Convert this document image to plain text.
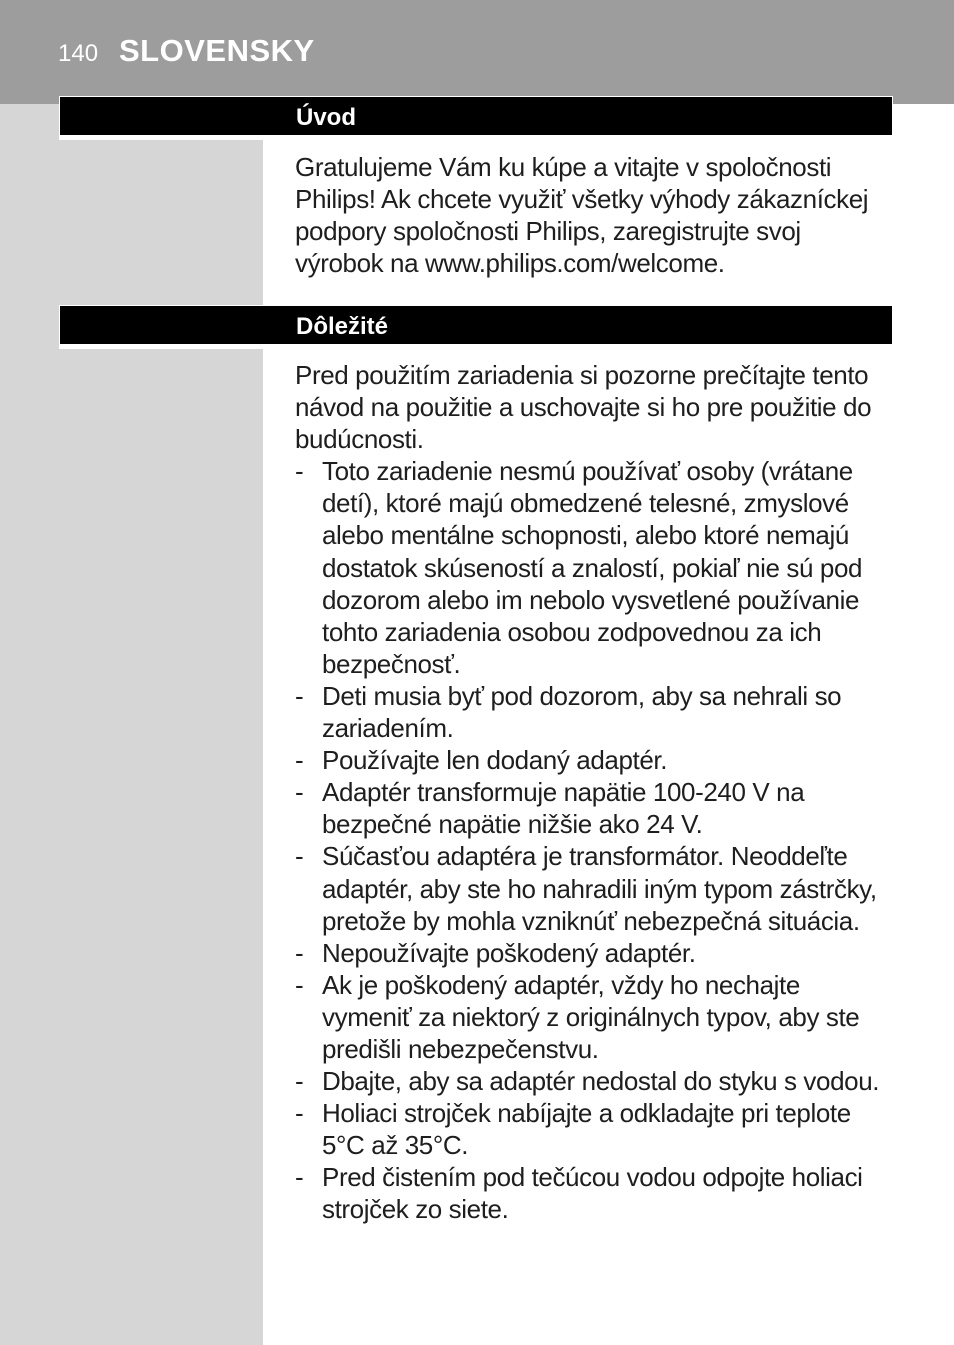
140 SLOVENSKY
Úvod

Gratulujeme Vám ku kúpe a vitajte v spoločnosti Philips! Ak chcete využiť všetky výhody zákazníckej podpory spoločnosti Philips, zaregistrujte svoj výrobok na www.philips.com/welcome.

Dôležité

Pred použitím zariadenia si pozorne prečítajte tento návod na použitie a uschovajte si ho pre použitie do budúcnosti.

- Toto zariadenie nesmú používať osoby (vrátane detí), ktoré majú obmedzené telesné, zmyslové alebo mentálne schopnosti, alebo ktoré nemajú dostatok skúseností a znalostí, pokiaľ nie sú pod dozorom alebo im nebolo vysvetlené používanie tohto zariadenia osobou zodpovednou za ich bezpečnosť.
- Deti musia byť pod dozorom, aby sa nehrali so zariadením.
- Používajte len dodaný adaptér.
- Adaptér transformuje napätie 100-240 V na bezpečné napätie nižšie ako 24 V.
- Súčasťou adaptéra je transformátor. Neoddeľte adaptér, aby ste ho nahradili iným typom zástrčky, pretože by mohla vzniknúť nebezpečná situácia.
- Nepoužívajte poškodený adaptér.
- Ak je poškodený adaptér, vždy ho nechajte vymeniť za niektorý z originálnych typov, aby ste predišli nebezpečenstvu.
- Dbajte, aby sa adaptér nedostal do styku s vodou.
- Holiaci strojček nabíjajte a odkladajte pri teplote 5°C až 35°C.
- Pred čistením pod tečúcou vodou odpojte holiaci strojček zo siete.
